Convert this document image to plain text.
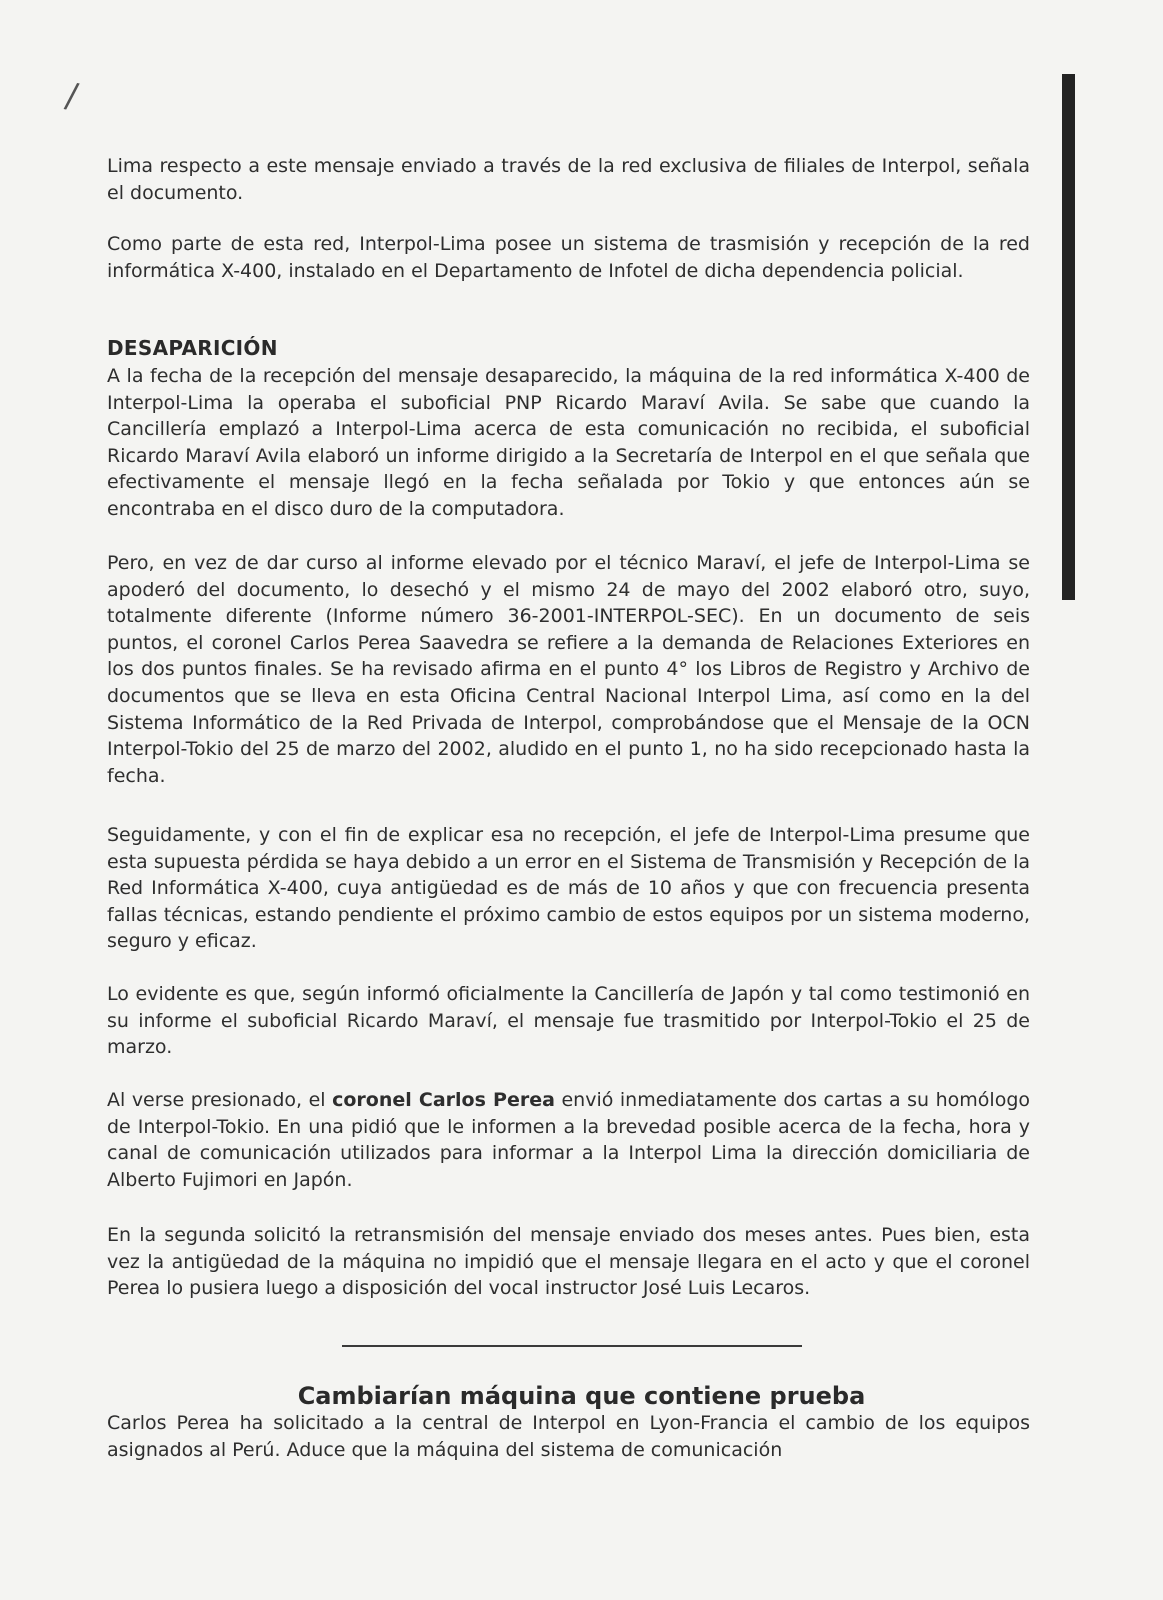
/

Lima respecto a este mensaje enviado a través de la red exclusiva de filiales de Interpol, señala el documento.

Como parte de esta red, Interpol-Lima posee un sistema de trasmisión y recepción de la red informática X-400, instalado en el Departamento de Infotel de dicha dependencia policial.

DESAPARICIÓN

A la fecha de la recepción del mensaje desaparecido, la máquina de la red informática X-400 de Interpol-Lima la operaba el suboficial PNP Ricardo Maraví Avila. Se sabe que cuando la Cancillería emplazó a Interpol-Lima acerca de esta comunicación no recibida, el suboficial Ricardo Maraví Avila elaboró un informe dirigido a la Secretaría de Interpol en el que señala que efectivamente el mensaje llegó en la fecha señalada por Tokio y que entonces aún se encontraba en el disco duro de la computadora.

Pero, en vez de dar curso al informe elevado por el técnico Maraví, el jefe de Interpol-Lima se apoderó del documento, lo desechó y el mismo 24 de mayo del 2002 elaboró otro, suyo, totalmente diferente (Informe número 36-2001-INTERPOL-SEC). En un documento de seis puntos, el coronel Carlos Perea Saavedra se refiere a la demanda de Relaciones Exteriores en los dos puntos finales. Se ha revisado afirma en el punto 4° los Libros de Registro y Archivo de documentos que se lleva en esta Oficina Central Nacional Interpol Lima, así como en la del Sistema Informático de la Red Privada de Interpol, comprobándose que el Mensaje de la OCN Interpol-Tokio del 25 de marzo del 2002, aludido en el punto 1, no ha sido recepcionado hasta la fecha.

Seguidamente, y con el fin de explicar esa no recepción, el jefe de Interpol-Lima presume que esta supuesta pérdida se haya debido a un error en el Sistema de Transmisión y Recepción de la Red Informática X-400, cuya antigüedad es de más de 10 años y que con frecuencia presenta fallas técnicas, estando pendiente el próximo cambio de estos equipos por un sistema moderno, seguro y eficaz.

Lo evidente es que, según informó oficialmente la Cancillería de Japón y tal como testimonió en su informe el suboficial Ricardo Maraví, el mensaje fue trasmitido por Interpol-Tokio el 25 de marzo.

Al verse presionado, el coronel Carlos Perea envió inmediatamente dos cartas a su homólogo de Interpol-Tokio. En una pidió que le informen a la brevedad posible acerca de la fecha, hora y canal de comunicación utilizados para informar a la Interpol Lima la dirección domiciliaria de Alberto Fujimori en Japón.

En la segunda solicitó la retransmisión del mensaje enviado dos meses antes. Pues bien, esta vez la antigüedad de la máquina no impidió que el mensaje llegara en el acto y que el coronel Perea lo pusiera luego a disposición del vocal instructor José Luis Lecaros.

Cambiarían máquina que contiene prueba

Carlos Perea ha solicitado a la central de Interpol en Lyon-Francia el cambio de los equipos asignados al Perú. Aduce que la máquina del sistema de comunicación
